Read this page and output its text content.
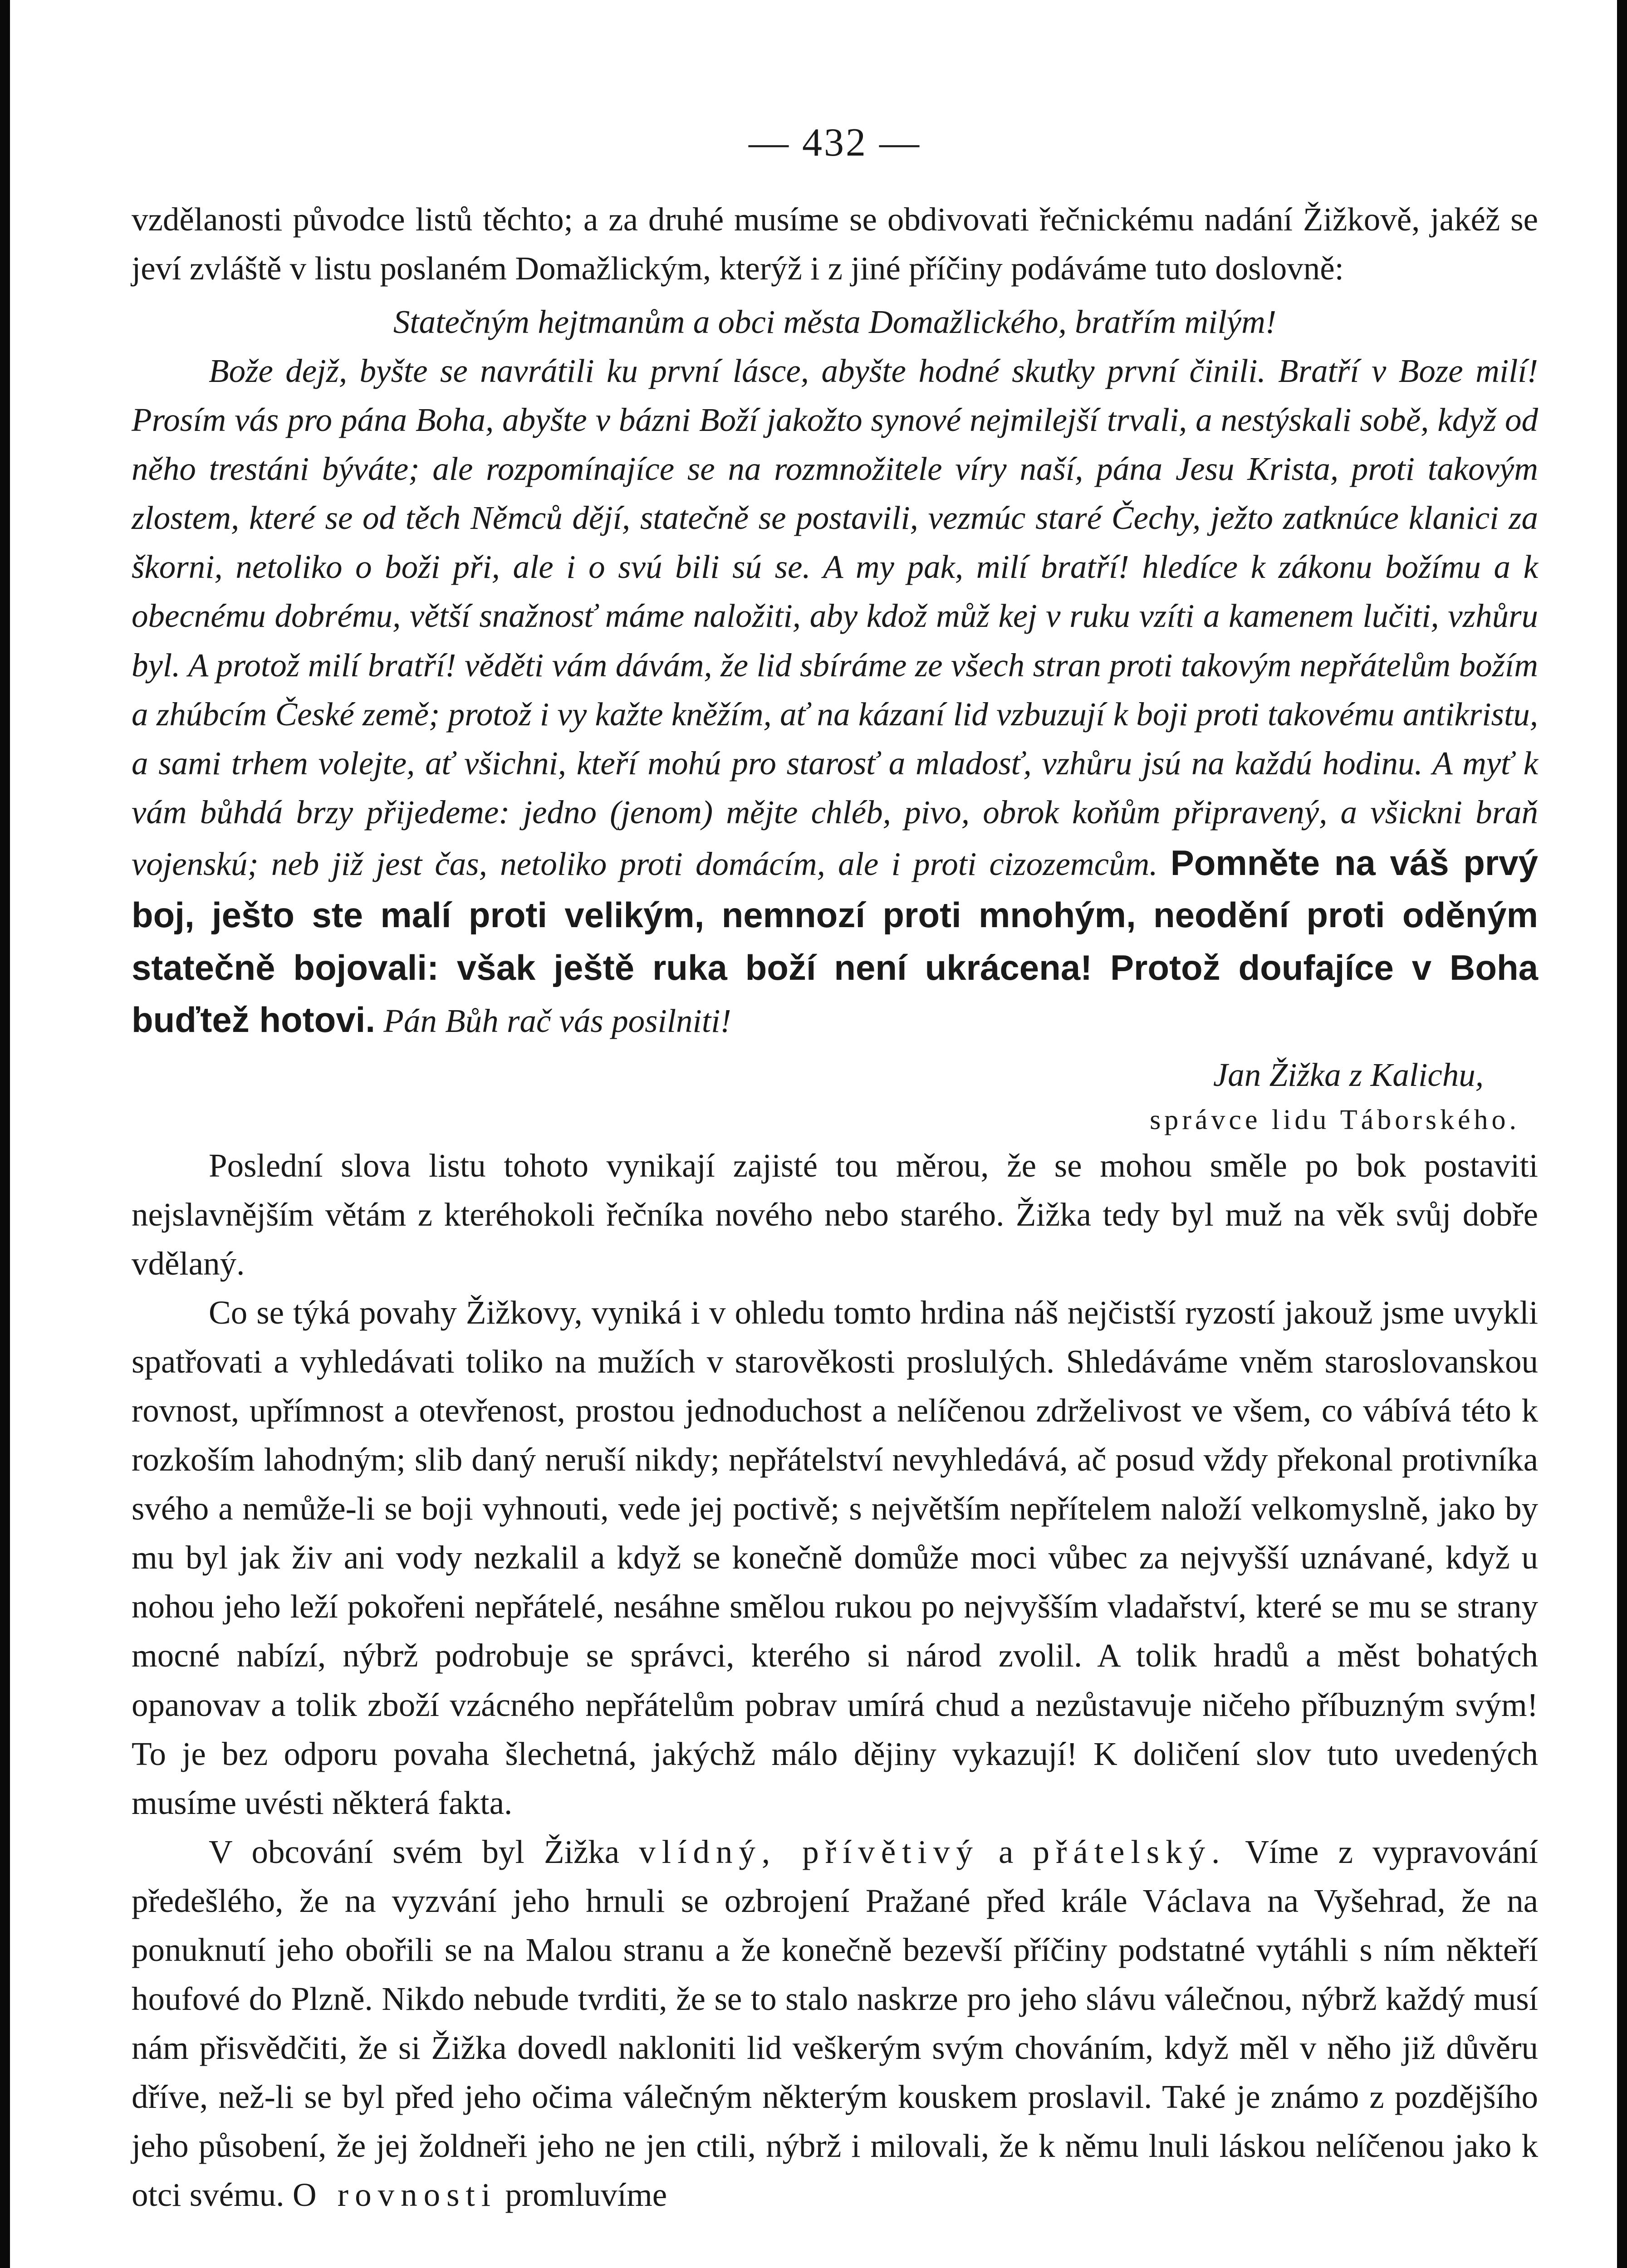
— 432 —

vzdělanosti původce listů těchto; a za druhé musíme se obdivovati řečnickému nadání Žižkově, jakéž se jeví zvláště v listu poslaném Domažlickým, kterýž i z jiné příčiny podáváme tuto doslovně:

Statečným hejtmanům a obci města Domažlického, bratřím milým!

Bože dejž, byšte se navrátili ku první lásce, abyšte hodné skutky první činili. Bratří v Boze milí! Prosím vás pro pána Boha, abyšte v bázni Boží jakožto synové nejmilejší trvali, a nestýskali sobě, když od něho trestáni býváte; ale rozpomínajíce se na rozmnožitele víry naší, pána Jesu Krista, proti takovým zlostem, které se od těch Němců dějí, statečně se postavili, vezmúc staré Čechy, ježto zatknúce klanici za škorni, netoliko o boži při, ale i o svú bili sú se. A my pak, milí bratří! hledíce k zákonu božímu a k obecnému dobrému, větší snažnosť máme naložiti, aby kdož můž kej v ruku vzíti a kamenem lučiti, vzhůru byl. A protož milí bratří! věděti vám dávám, že lid sbíráme ze všech stran proti takovým nepřátelům božím a zhúbcím České země; protož i vy kažte kněžím, ať na kázaní lid vzbuzují k boji proti takovému antikristu, a sami trhem volejte, ať všichni, kteří mohú pro starosť a mladosť, vzhůru jsú na každú hodinu. A myť k vám bůhdá brzy přijedeme: jedno (jenom) mějte chléb, pivo, obrok koňům připravený, a všickni braň vojenskú; neb již jest čas, netoliko proti domácím, ale i proti cizozemcům. Pomněte na váš prvý boj, ješto ste malí proti velikým, nemnozí proti mnohým, neodění proti oděným statečně bojovali: však ještě ruka boží není ukrácena! Protož doufajíce v Boha buďtež hotovi. Pán Bůh rač vás posilniti!

Jan Žižka z Kalichu,

správce lidu Táborského.

Poslední slova listu tohoto vynikají zajisté tou měrou, že se mohou směle po bok postaviti nejslavnějším větám z kteréhokoli řečníka nového nebo starého. Žižka tedy byl muž na věk svůj dobře vdělaný.

Co se týká povahy Žižkovy, vyniká i v ohledu tomto hrdina náš nejčistší ryzostí jakouž jsme uvykli spatřovati a vyhledávati toliko na mužích v starověkosti proslulých. Shledáváme vněm staroslovanskou rovnost, upřímnost a otevřenost, prostou jednoduchost a nelíčenou zdrželivost ve všem, co vábívá této k rozkoším lahodným; slib daný neruší nikdy; nepřátelství nevyhledává, ač posud vždy překonal protivníka svého a nemůže-li se boji vyhnouti, vede jej poctivě; s největším nepřítelem naloží velkomyslně, jako by mu byl jak živ ani vody nezkalil a když se konečně domůže moci vůbec za nejvyšší uznávané, když u nohou jeho leží pokořeni nepřátelé, nesáhne smělou rukou po nejvyšším vladařství, které se mu se strany mocné nabízí, nýbrž podrobuje se správci, kterého si národ zvolil. A tolik hradů a měst bohatých opanovav a tolik zboží vzácného nepřátelům pobrav umírá chud a nezůstavuje ničeho příbuzným svým! To je bez odporu povaha šlechetná, jakýchž málo dějiny vykazují! K doličení slov tuto uvedených musíme uvésti některá fakta.

V obcování svém byl Žižka vlídný, přívětivý a přátelský. Víme z vypravování předešlého, že na vyzvání jeho hrnuli se ozbrojení Pražané před krále Václava na Vyšehrad, že na ponuknutí jeho obořili se na Malou stranu a že konečně bezevší příčiny podstatné vytáhli s ním někteří houfové do Plzně. Nikdo nebude tvrditi, že se to stalo naskrze pro jeho slávu válečnou, nýbrž každý musí nám přisvědčiti, že si Žižka dovedl nakloniti lid veškerým svým chováním, když měl v něho již důvěru dříve, než-li se byl před jeho očima válečným některým kouskem proslavil. Také je známo z pozdějšího jeho působení, že jej žoldneři jeho ne jen ctili, nýbrž i milovali, že k němu lnuli láskou nelíčenou jako k otci svému. O rovnosti promluvíme
